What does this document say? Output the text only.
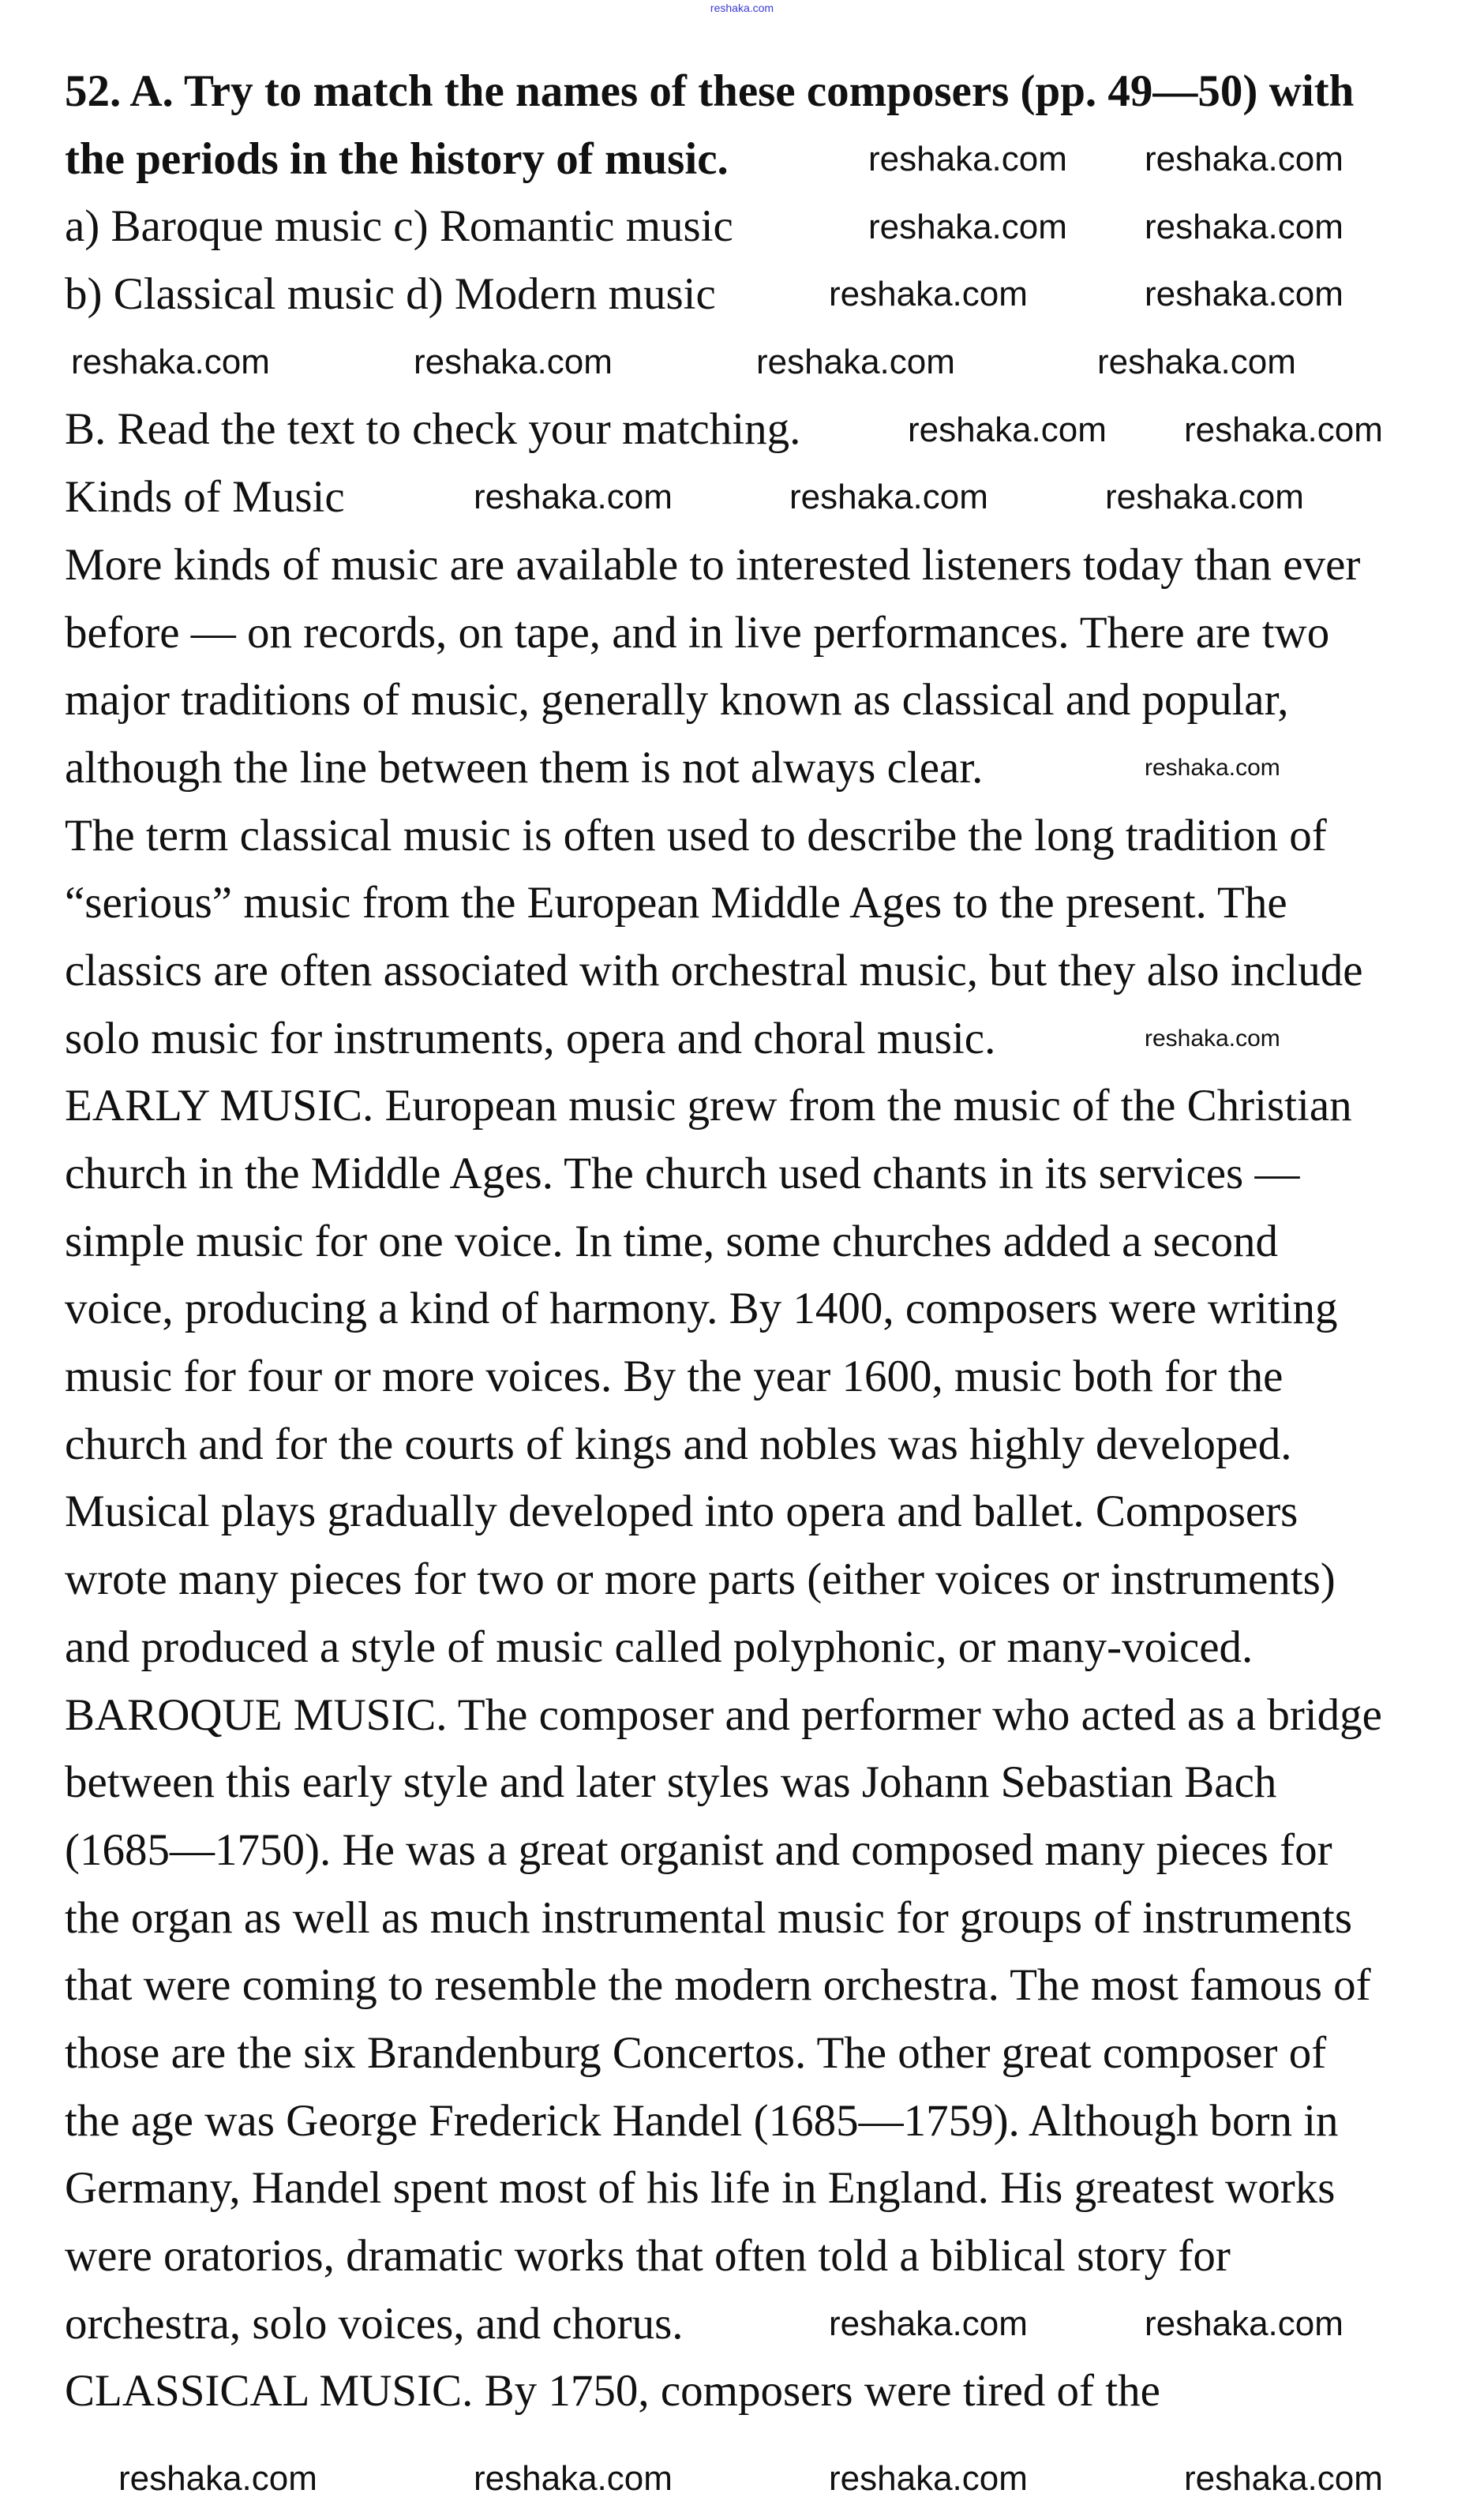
reshaka.com
52. A. Try to match the names of these composers (pp. 49—50) with
the periods in the history of music.
a) Baroque music c) Romantic music
b) Classical music d) Modern music
B. Read the text to check your matching.
Kinds of Music
More kinds of music are available to interested listeners today than ever
before — on records, on tape, and in live performances. There are two
major traditions of music, generally known as classical and popular,
although the line between them is not always clear.
The term classical music is often used to describe the long tradition of
“serious” music from the European Middle Ages to the present. The
classics are often associated with orchestral music, but they also include
solo music for instruments, opera and choral music.
EARLY MUSIC. European music grew from the music of the Christian
church in the Middle Ages. The church used chants in its services —
simple music for one voice. In time, some churches added a second
voice, producing a kind of harmony. By 1400, composers were writing
music for four or more voices. By the year 1600, music both for the
church and for the courts of kings and nobles was highly developed.
Musical plays gradually developed into opera and ballet. Composers
wrote many pieces for two or more parts (either voices or instruments)
and produced a style of music called polyphonic, or many-voiced.
BAROQUE MUSIC. The composer and performer who acted as a bridge
between this early style and later styles was Johann Sebastian Bach
(1685—1750). He was a great organist and composed many pieces for
the organ as well as much instrumental music for groups of instruments
that were coming to resemble the modern orchestra. The most famous of
those are the six Brandenburg Concertos. The other great composer of
the age was George Frederick Handel (1685—1759). Although born in
Germany, Handel spent most of his life in England. His greatest works
were oratorios, dramatic works that often told a biblical story for
orchestra, solo voices, and chorus.
CLASSICAL MUSIC. By 1750, composers were tired of the
reshaka.com reshaka.com
reshaka.com reshaka.com
reshaka.com	reshaka.com
reshaka.com	reshaka.com	reshaka.com	reshaka.com
reshaka.com reshaka.com
reshaka.com	reshaka.com	reshaka.com
reshaka.com
reshaka.com
reshaka.com	reshaka.com
reshaka.com	reshaka.com	reshaka.com	reshaka.com
